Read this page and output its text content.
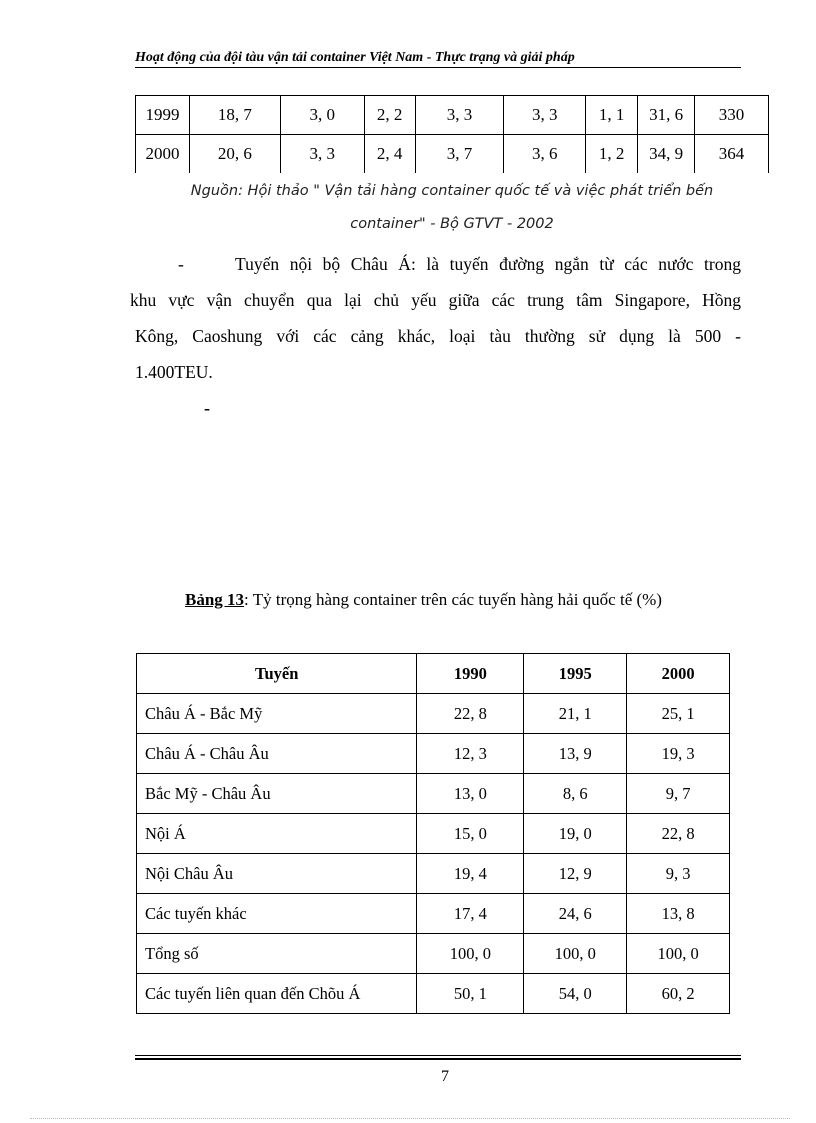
Hoạt động của đội tàu vận tải container Việt Nam - Thực trạng và giải pháp
1999	18, 7	3, 0	2, 2	3, 3	3, 3	1, 1	31, 6	330
2000	20, 6	3, 3	2, 4	3, 7	3, 6	1, 2	34, 9	364
Nguồn: Hội thảo " Vận tải hàng container quốc tế và việc phát triển bến
container" - Bộ GTVT - 2002
-	Tuyến nội bộ Châu Á: là tuyến đường ngắn từ các nước trong
khu vực vận chuyển qua lại chủ yếu giữa các trung tâm Singapore, Hồng
Kông, Caoshung với các cảng khác, loại tàu thường sử dụng là 500 -
1.400TEU.
-
Bảng 13: Tỷ trọng hàng container trên các tuyến hàng hải quốc tế (%)
Tuyến	1990	1995	2000
Châu Á - Bắc Mỹ	22, 8	21, 1	25, 1
Châu Á - Châu Âu	12, 3	13, 9	19, 3
Bắc Mỹ - Châu Âu	13, 0	8, 6	9, 7
Nội Á	15, 0	19, 0	22, 8
Nội Châu Âu	19, 4	12, 9	9, 3
Các tuyến khác	17, 4	24, 6	13, 8
Tổng số	100, 0	100, 0	100, 0
Các tuyến liên quan đến Chõu Á	50, 1	54, 0	60, 2
7
